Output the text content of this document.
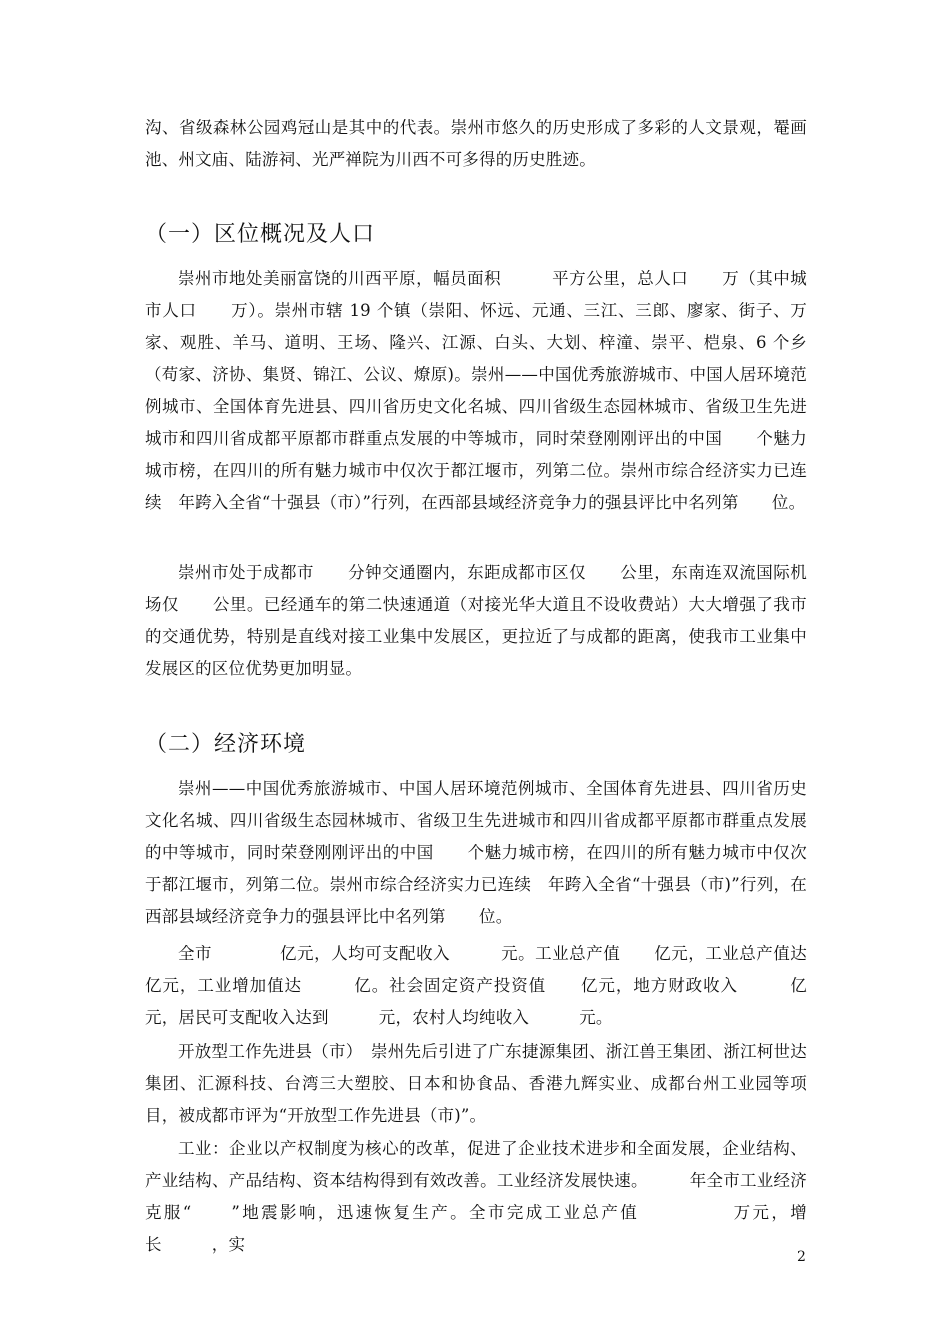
沟、省级森林公园鸡冠山是其中的代表。崇州市悠久的历史形成了多彩的人文景观，罨画池、州文庙、陆游祠、光严禅院为川西不可多得的历史胜迹。

（一）区位概况及人口

崇州市地处美丽富饶的川西平原，幅员面积　　　平方公里，总人口　　万（其中城市人口　　万）。崇州市辖 19 个镇（崇阳、怀远、元通、三江、三郎、廖家、街子、万家、观胜、羊马、道明、王场、隆兴、江源、白头、大划、梓潼、崇平、桤泉、6 个乡（苟家、济协、集贤、锦江、公议、燎原)。崇州——中国优秀旅游城市、中国人居环境范例城市、全国体育先进县、四川省历史文化名城、四川省级生态园林城市、省级卫生先进城市和四川省成都平原都市群重点发展的中等城市，同时荣登刚刚评出的中国　　个魅力城市榜，在四川的所有魅力城市中仅次于都江堰市，列第二位。崇州市综合经济实力已连续　年跨入全省“十强县（市）”行列，在西部县域经济竞争力的强县评比中名列第　　位。

崇州市处于成都市　　分钟交通圈内，东距成都市区仅　　公里，东南连双流国际机场仅　　公里。已经通车的第二快速通道（对接光华大道且不设收费站）大大增强了我市的交通优势，特别是直线对接工业集中发展区，更拉近了与成都的距离，使我市工业集中发展区的区位优势更加明显。

（二）经济环境

崇州——中国优秀旅游城市、中国人居环境范例城市、全国体育先进县、四川省历史文化名城、四川省级生态园林城市、省级卫生先进城市和四川省成都平原都市群重点发展的中等城市，同时荣登刚刚评出的中国　　个魅力城市榜，在四川的所有魅力城市中仅次于都江堰市，列第二位。崇州市综合经济实力已连续　年跨入全省“十强县（市)”行列，在西部县域经济竞争力的强县评比中名列第　　位。

全市　　　　亿元，人均可支配收入　　　元。工业总产值　　亿元，工业总产值达　　亿元，工业增加值达　　　亿。社会固定资产投资值　　亿元，地方财政收入　　　亿元，居民可支配收入达到　　　元，农村人均纯收入　　　元。

开放型工作先进县（市）　崇州先后引进了广东捷源集团、浙江兽王集团、浙江柯世达集团、汇源科技、台湾三大塑胶、日本和协食品、香港九辉实业、成都台州工业园等项目，被成都市评为“开放型工作先进县（市)”。

工业：企业以产权制度为核心的改革，促进了企业技术进步和全面发展，企业结构、产业结构、产品结构、资本结构得到有效改善。工业经济发展快速。　　　年全市工业经济克服“　　”地震影响，迅速恢复生产。全市完成工业总产值　　　　　万元，增长　　　，实

2
